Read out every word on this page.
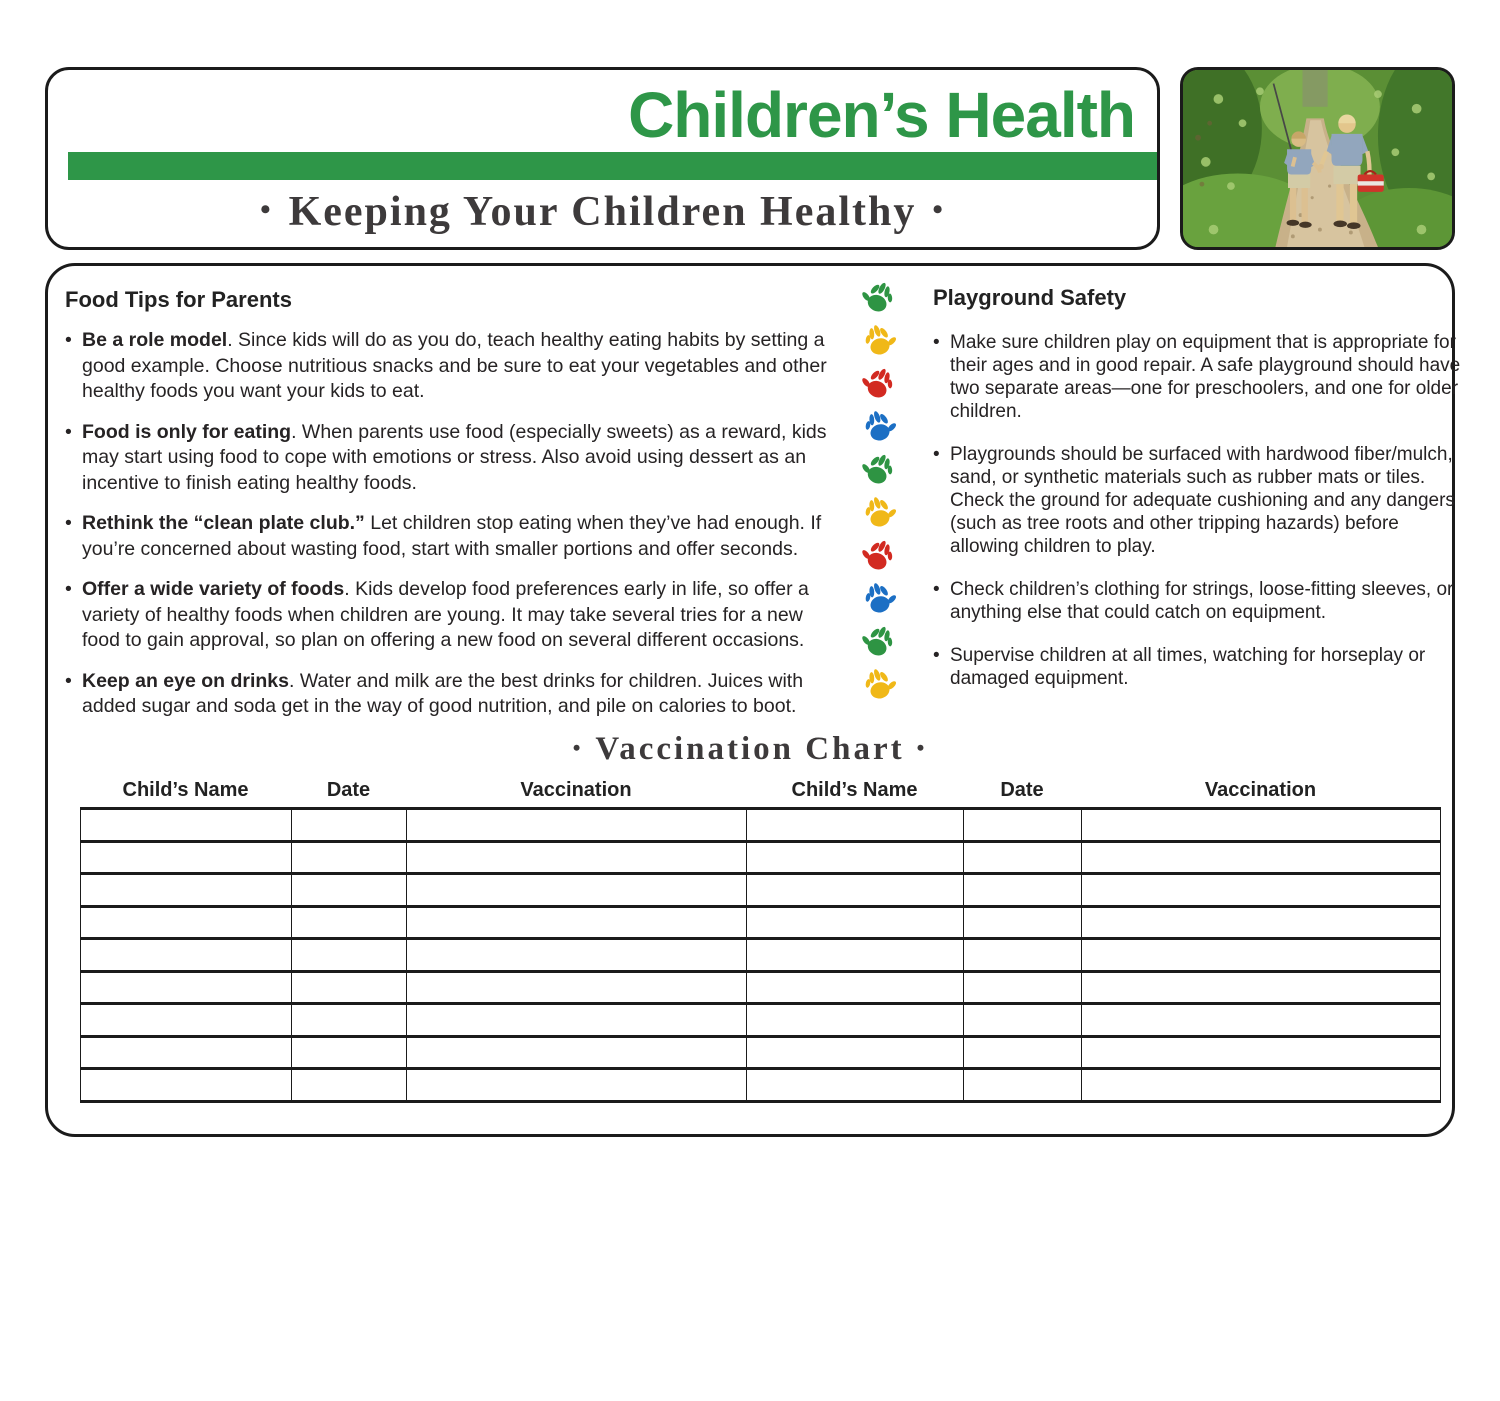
Children’s Health
• Keeping Your Children Healthy •
Food Tips for Parents
• Be a role model. Since kids will do as you do, teach healthy eating habits by setting a good example. Choose nutritious snacks and be sure to eat your vegetables and other healthy foods you want your kids to eat.
• Food is only for eating. When parents use food (especially sweets) as a reward, kids may start using food to cope with emotions or stress. Also avoid using dessert as an incentive to finish eating healthy foods.
• Rethink the “clean plate club.” Let children stop eating when they’ve had enough. If you’re concerned about wasting food, start with smaller portions and offer seconds.
• Offer a wide variety of foods. Kids develop food preferences early in life, so offer a variety of healthy foods when children are young. It may take several tries for a new food to gain approval, so plan on offering a new food on several different occasions.
• Keep an eye on drinks. Water and milk are the best drinks for children. Juices with added sugar and soda get in the way of good nutrition, and pile on calories to boot.
Playground Safety
• Make sure children play on equipment that is appropriate for their ages and in good repair. A safe playground should have two separate areas—one for preschoolers, and one for older children.
• Playgrounds should be surfaced with hardwood fiber/mulch, sand, or synthetic materials such as rubber mats or tiles. Check the ground for adequate cushioning and any dangers (such as tree roots and other tripping hazards) before allowing children to play.
• Check children’s clothing for strings, loose-fitting sleeves, or anything else that could catch on equipment.
• Supervise children at all times, watching for horseplay or damaged equipment.
• Vaccination Chart •
Child’s Name	Date	Vaccination	Child’s Name	Date	Vaccination
